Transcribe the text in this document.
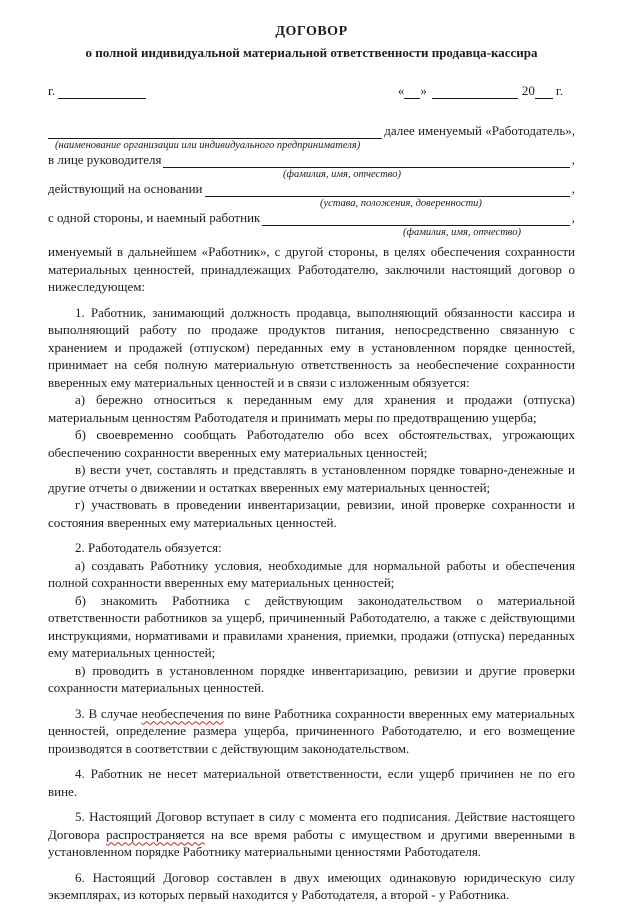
ДОГОВОР
о полной индивидуальной материальной ответственности продавца-кассира
г.	« »	20 г.
далее именуемый «Работодатель»,
(наименование организации или индивидуального предпринимателя)
в лице руководителя	,
(фамилия, имя, отчество)
действующий на основании	,
(устава, положения, доверенности)
с одной стороны, и наемный работник	,
(фамилия, имя, отчество)
именуемый в дальнейшем «Работник», с другой стороны, в целях обеспечения сохранности материальных ценностей, принадлежащих Работодателю, заключили настоящий договор о нижеследующем:
1. Работник, занимающий должность продавца, выполняющий обязанности кассира и выполняющий работу по продаже продуктов питания, непосредственно связанную с хранением и продажей (отпуском) переданных ему в установленном порядке ценностей, принимает на себя полную материальную ответственность за необеспечение сохранности вверенных ему материальных ценностей и в связи с изложенным обязуется:
а) бережно относиться к переданным ему для хранения и продажи (отпуска) материальным ценностям Работодателя и принимать меры по предотвращению ущерба;
б) своевременно сообщать Работодателю обо всех обстоятельствах, угрожающих обеспечению сохранности вверенных ему материальных ценностей;
в) вести учет, составлять и представлять в установленном порядке товарно-денежные и другие отчеты о движении и остатках вверенных ему материальных ценностей;
г) участвовать в проведении инвентаризации, ревизии, иной проверке сохранности и состояния вверенных ему материальных ценностей.
2. Работодатель обязуется:
а) создавать Работнику условия, необходимые для нормальной работы и обеспечения полной сохранности вверенных ему материальных ценностей;
б) знакомить Работника с действующим законодательством о материальной ответственности работников за ущерб, причиненный Работодателю, а также с действующими инструкциями, нормативами и правилами хранения, приемки, продажи (отпуска) переданных ему материальных ценностей;
в) проводить в установленном порядке инвентаризацию, ревизии и другие проверки сохранности материальных ценностей.
3. В случае необеспечения по вине Работника сохранности вверенных ему материальных ценностей, определение размера ущерба, причиненного Работодателю, и его возмещение производятся в соответствии с действующим законодательством.
4. Работник не несет материальной ответственности, если ущерб причинен не по его вине.
5. Настоящий Договор вступает в силу с момента его подписания. Действие настоящего Договора распространяется на все время работы с имуществом и другими вверенными в установленном порядке Работнику материальными ценностями Работодателя.
6. Настоящий Договор составлен в двух имеющих одинаковую юридическую силу экземплярах, из которых первый находится у Работодателя, а второй - у Работника.
